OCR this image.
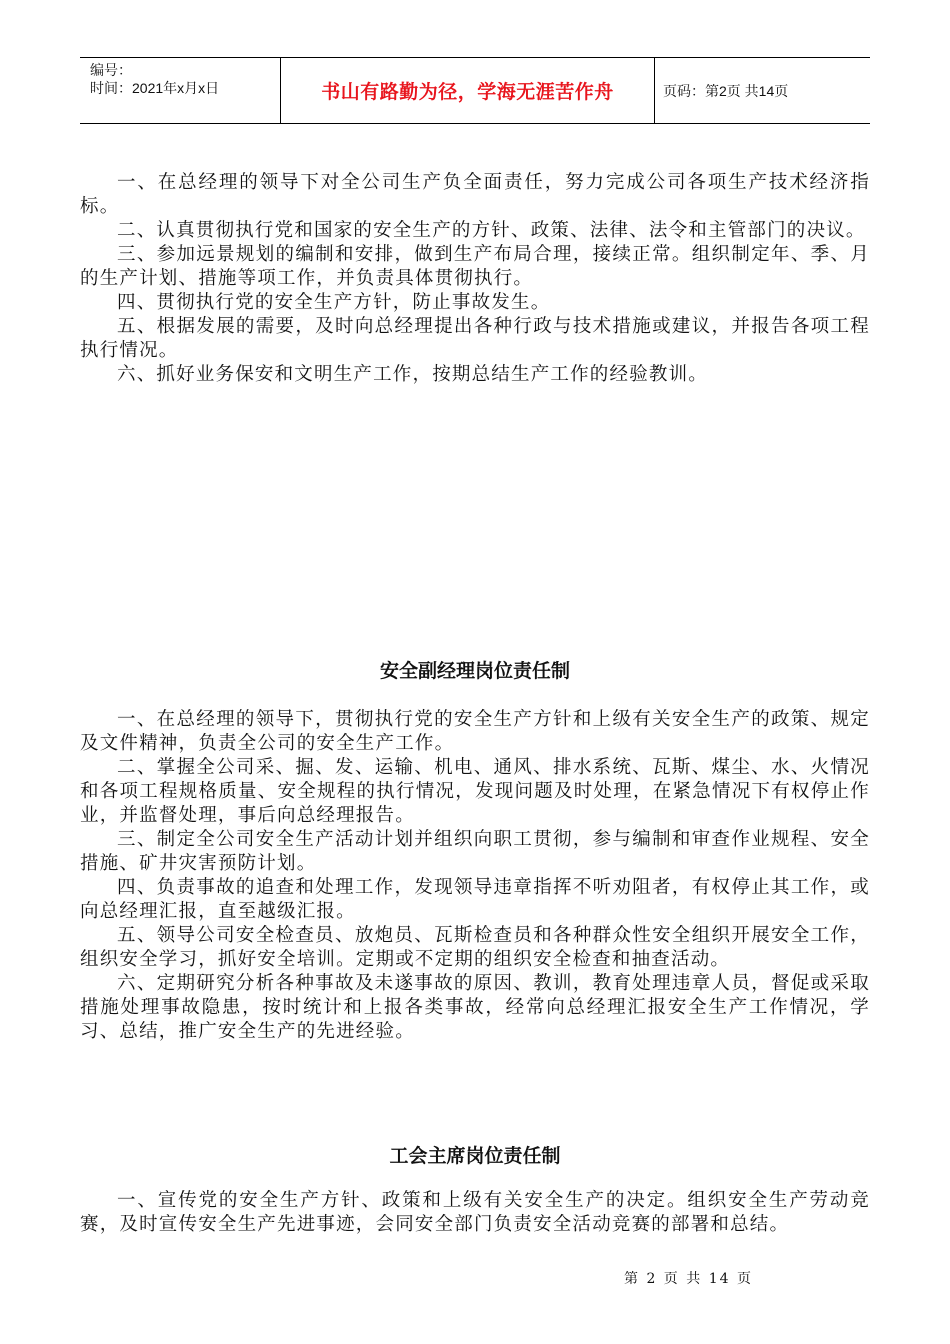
编号：
时间：2021年x月x日	书山有路勤为径，学海无涯苦作舟	页码：第2页 共14页

一、在总经理的领导下对全公司生产负全面责任，努力完成公司各项生产技术经济指标。

二、认真贯彻执行党和国家的安全生产的方针、政策、法律、法令和主管部门的决议。

三、参加远景规划的编制和安排，做到生产布局合理，接续正常。组织制定年、季、月的生产计划、措施等项工作，并负责具体贯彻执行。

四、贯彻执行党的安全生产方针，防止事故发生。

五、根据发展的需要，及时向总经理提出各种行政与技术措施或建议，并报告各项工程执行情况。

六、抓好业务保安和文明生产工作，按期总结生产工作的经验教训。

安全副经理岗位责任制

一、在总经理的领导下，贯彻执行党的安全生产方针和上级有关安全生产的政策、规定及文件精神，负责全公司的安全生产工作。

二、掌握全公司采、掘、发、运输、机电、通风、排水系统、瓦斯、煤尘、水、火情况和各项工程规格质量、安全规程的执行情况，发现问题及时处理，在紧急情况下有权停止作业，并监督处理，事后向总经理报告。

三、制定全公司安全生产活动计划并组织向职工贯彻，参与编制和审查作业规程、安全措施、矿井灾害预防计划。

四、负责事故的追查和处理工作，发现领导违章指挥不听劝阻者，有权停止其工作，或向总经理汇报，直至越级汇报。

五、领导公司安全检查员、放炮员、瓦斯检查员和各种群众性安全组织开展安全工作，组织安全学习，抓好安全培训。定期或不定期的组织安全检查和抽查活动。

六、定期研究分析各种事故及未遂事故的原因、教训，教育处理违章人员，督促或采取措施处理事故隐患，按时统计和上报各类事故，经常向总经理汇报安全生产工作情况，学习、总结，推广安全生产的先进经验。

工会主席岗位责任制

一、宣传党的安全生产方针、政策和上级有关安全生产的决定。组织安全生产劳动竞赛，及时宣传安全生产先进事迹，会同安全部门负责安全活动竞赛的部署和总结。

第 2 页 共 14 页
